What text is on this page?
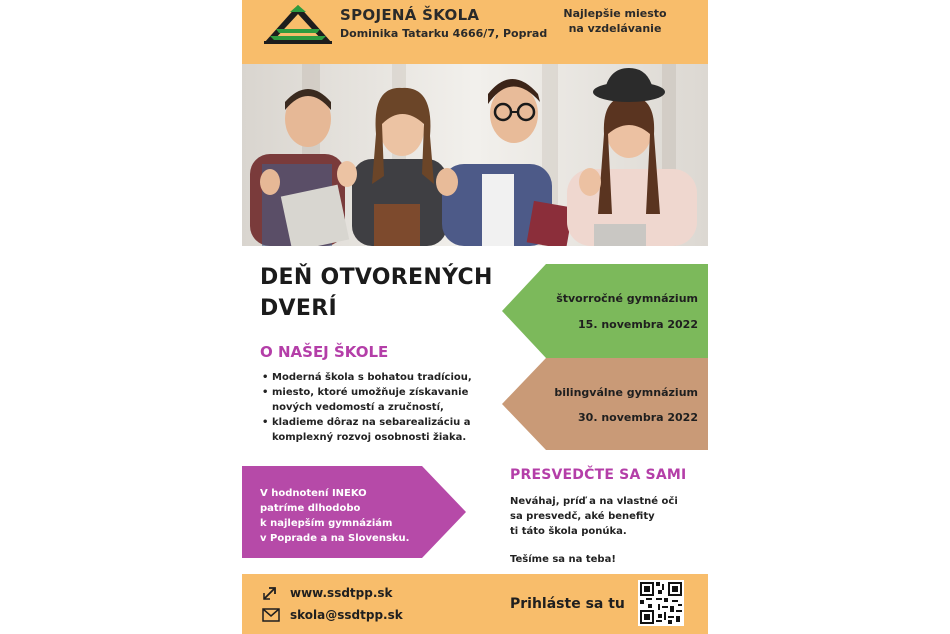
SPOJENÁ ŠKOLA
Dominika Tatarku 4666/7, Poprad
Najlepšie miesto
na vzdelávanie
DEŇ OTVORENÝCH
DVERÍ
O NAŠEJ ŠKOLE
• Moderná škola s bohatou tradíciou,
• miesto, ktoré umožňuje získavanie nových vedomostí a zručností,
• kladieme dôraz na sebarealizáciu a komplexný rozvoj osobnosti žiaka.
štvorročné gymnázium
15. novembra 2022
bilingválne gymnázium
30. novembra 2022
V hodnotení INEKO
patríme dlhodobo
k najlepším gymnáziám
v Poprade a na Slovensku.
PRESVEDČTE SA SAMI
Neváhaj, príď a na vlastné oči
sa presvedč, aké benefity
ti táto škola ponúka.
Tešíme sa na teba!
www.ssdtpp.sk
skola@ssdtpp.sk
Prihláste sa tu
